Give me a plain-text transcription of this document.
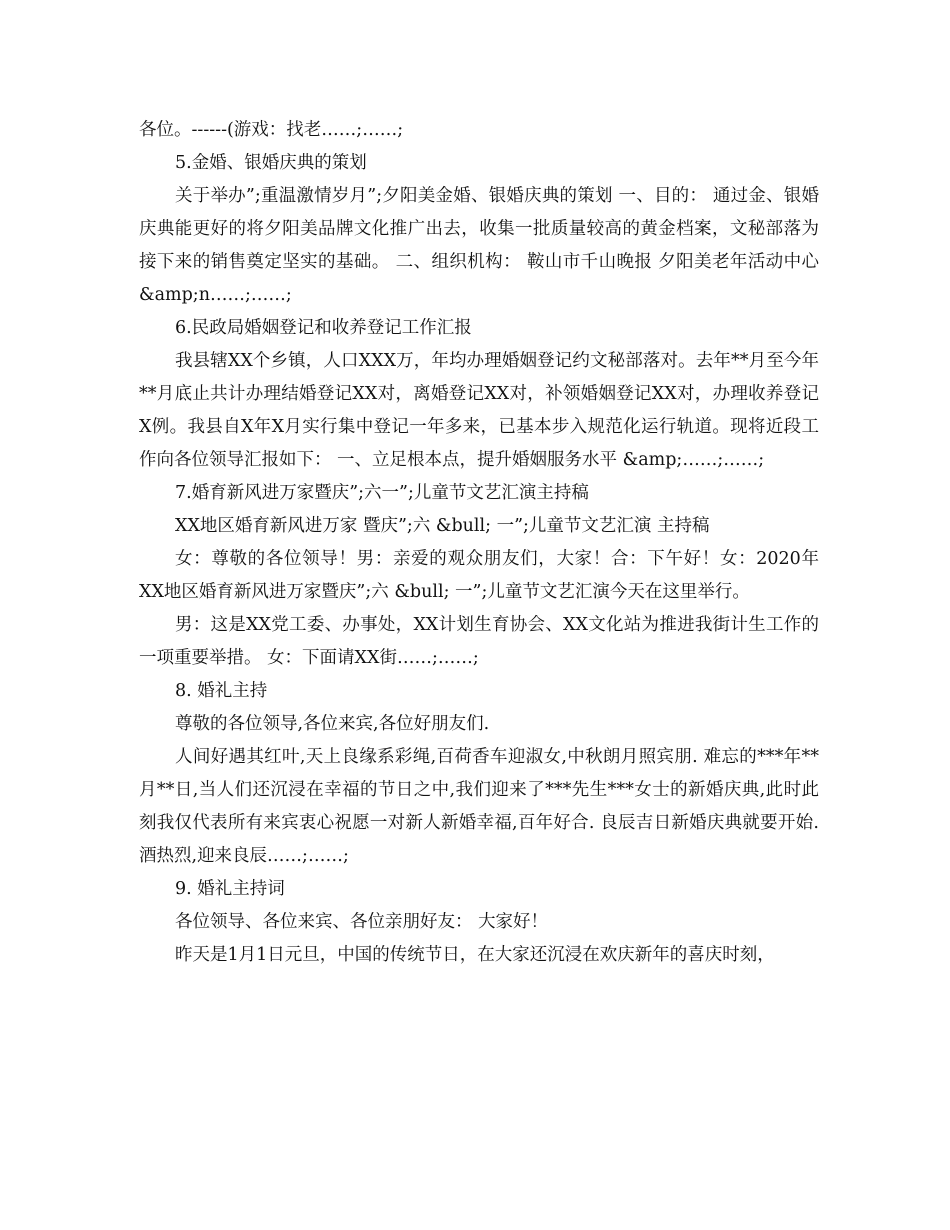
各位。------(游戏：找老……;……;

5.金婚、银婚庆典的策划

关于举办”;重温激情岁月”;夕阳美金婚、银婚庆典的策划 一、目的： 通过金、银婚庆典能更好的将夕阳美品牌文化推广出去，收集一批质量较高的黄金档案，文秘部落为接下来的销售奠定坚实的基础。 二、组织机构： 鞍山市千山晚报 夕阳美老年活动中心 &amp;n……;……;

6.民政局婚姻登记和收养登记工作汇报

我县辖XX个乡镇，人口XXX万，年均办理婚姻登记约文秘部落对。去年**月至今年**月底止共计办理结婚登记XX对，离婚登记XX对，补领婚姻登记XX对，办理收养登记X例。我县自X年X月实行集中登记一年多来，已基本步入规范化运行轨道。现将近段工作向各位领导汇报如下： 一、立足根本点，提升婚姻服务水平 &amp;……;……;

7.婚育新风进万家暨庆”;六一”;儿童节文艺汇演主持稿

XX地区婚育新风进万家 暨庆”;六 &bull; 一”;儿童节文艺汇演 主持稿

女：尊敬的各位领导！男：亲爱的观众朋友们，大家！合：下午好！女：2020年XX地区婚育新风进万家暨庆”;六 &bull; 一”;儿童节文艺汇演今天在这里举行。

男：这是XX党工委、办事处，XX计划生育协会、XX文化站为推进我街计生工作的一项重要举措。 女：下面请XX街……;……;

8. 婚礼主持

尊敬的各位领导,各位来宾,各位好朋友们.

人间好遇其红叶,天上良缘系彩绳,百荷香车迎淑女,中秋朗月照宾朋. 难忘的***年**月**日,当人们还沉浸在幸福的节日之中,我们迎来了***先生***女士的新婚庆典,此时此刻我仅代表所有来宾衷心祝愿一对新人新婚幸福,百年好合. 良辰吉日新婚庆典就要开始.酒热烈,迎来良辰……;……;

9. 婚礼主持词

各位领导、各位来宾、各位亲朋好友： 大家好！

昨天是1月1日元旦，中国的传统节日，在大家还沉浸在欢庆新年的喜庆时刻，
